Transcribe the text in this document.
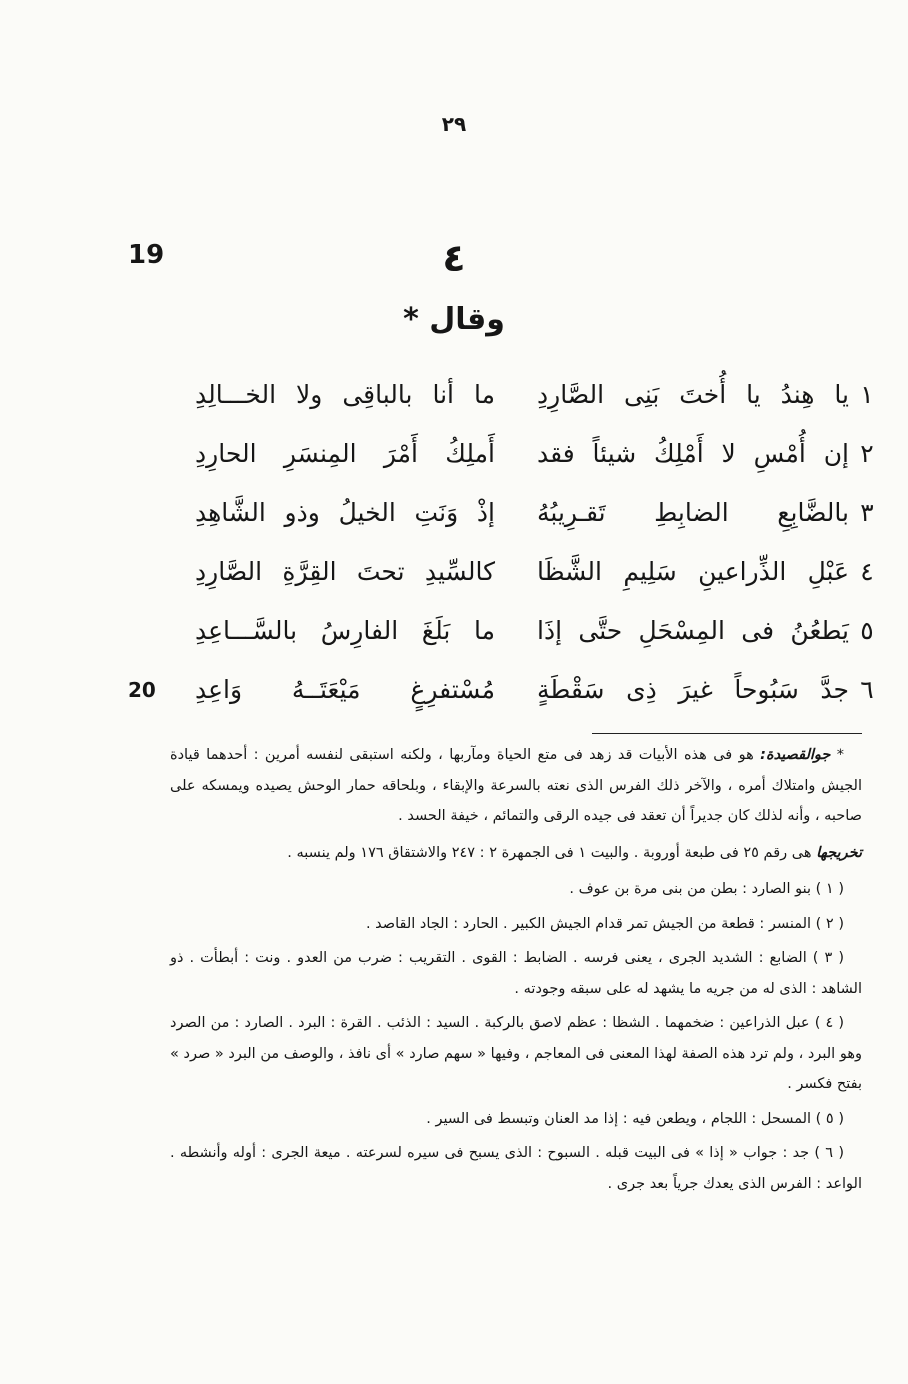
٢٩
19
20
٤
وقال *
١
يا هِندُ يا أُختَ بَنِى الصَّارِدِ
ما أنا بالباقِى ولا الخـــالِدِ
٢
إن أُمْسِ لا أَمْلِكُ شيئاً فقد
أَملِكُ أَمْرَ المِنسَرِ الحارِدِ
٣
بالضَّابِعِ الضابِطِ تَقـرِيبُهُ
إذْ وَنَتِ الخيلُ وذو الشَّاهِدِ
٤
عَبْلِ الذِّراعينِ سَلِيمِ الشَّظَا
كالسِّيدِ تحتَ القِرَّةِ الصَّارِدِ
٥
يَطعُنُ فى المِسْحَلِ حتَّى إذَا
ما بَلَغَ الفارِسُ بالسَّـــاعِدِ
٦
جدَّ سَبُوحاً غيرَ ذِى سَقْطَةٍ
مُسْتفرِغٍ مَيْعَتَــهُ وَاعِدِ

* جوالقصيدة: هو فى هذه الأبيات قد زهد فى متع الحياة ومآربها ، ولكنه استبقى لنفسه أمرين : أحدهما قيادة الجيش وامتلاك أمره ، والآخر ذلك الفرس الذى نعته بالسرعة والإبقاء ، وبلحاقه حمار الوحش يصيده ويمسكه على صاحبه ، وأنه لذلك كان جديراً أن تعقد فى جيده الرقى والتمائم ، خيفة الحسد .

تخريجها هى رقم ٢٥ فى طبعة أوروبة . والبيت ١ فى الجمهرة ٢ : ٢٤٧ والاشتقاق ١٧٦ ولم ينسبه .

( ١ ) بنو الصارد : بطن من بنى مرة بن عوف .
( ٢ ) المنسر : قطعة من الجيش تمر قدام الجيش الكبير . الحارد : الجاد القاصد .
( ٣ ) الضابع : الشديد الجرى ، يعنى فرسه . الضابط : القوى . التقريب : ضرب من العدو . ونت : أبطأت . ذو الشاهد : الذى له من جريه ما يشهد له على سبقه وجودته .
( ٤ ) عبل الذراعين : ضخمهما . الشظا : عظم لاصق بالركبة . السيد : الذئب . القرة : البرد . الصارد : من الصرد وهو البرد ، ولم ترد هذه الصفة لهذا المعنى فى المعاجم ، وفيها « سهم صارد » أى نافذ ، والوصف من البرد « صرد » بفتح فكسر .
( ٥ ) المسحل : اللجام ، ويطعن فيه : إذا مد العنان وتبسط فى السير .
( ٦ ) جد : جواب « إذا » فى البيت قبله . السبوح : الذى يسبح فى سيره لسرعته . ميعة الجرى : أوله وأنشطه . الواعد : الفرس الذى يعدك جرياً بعد جرى .
